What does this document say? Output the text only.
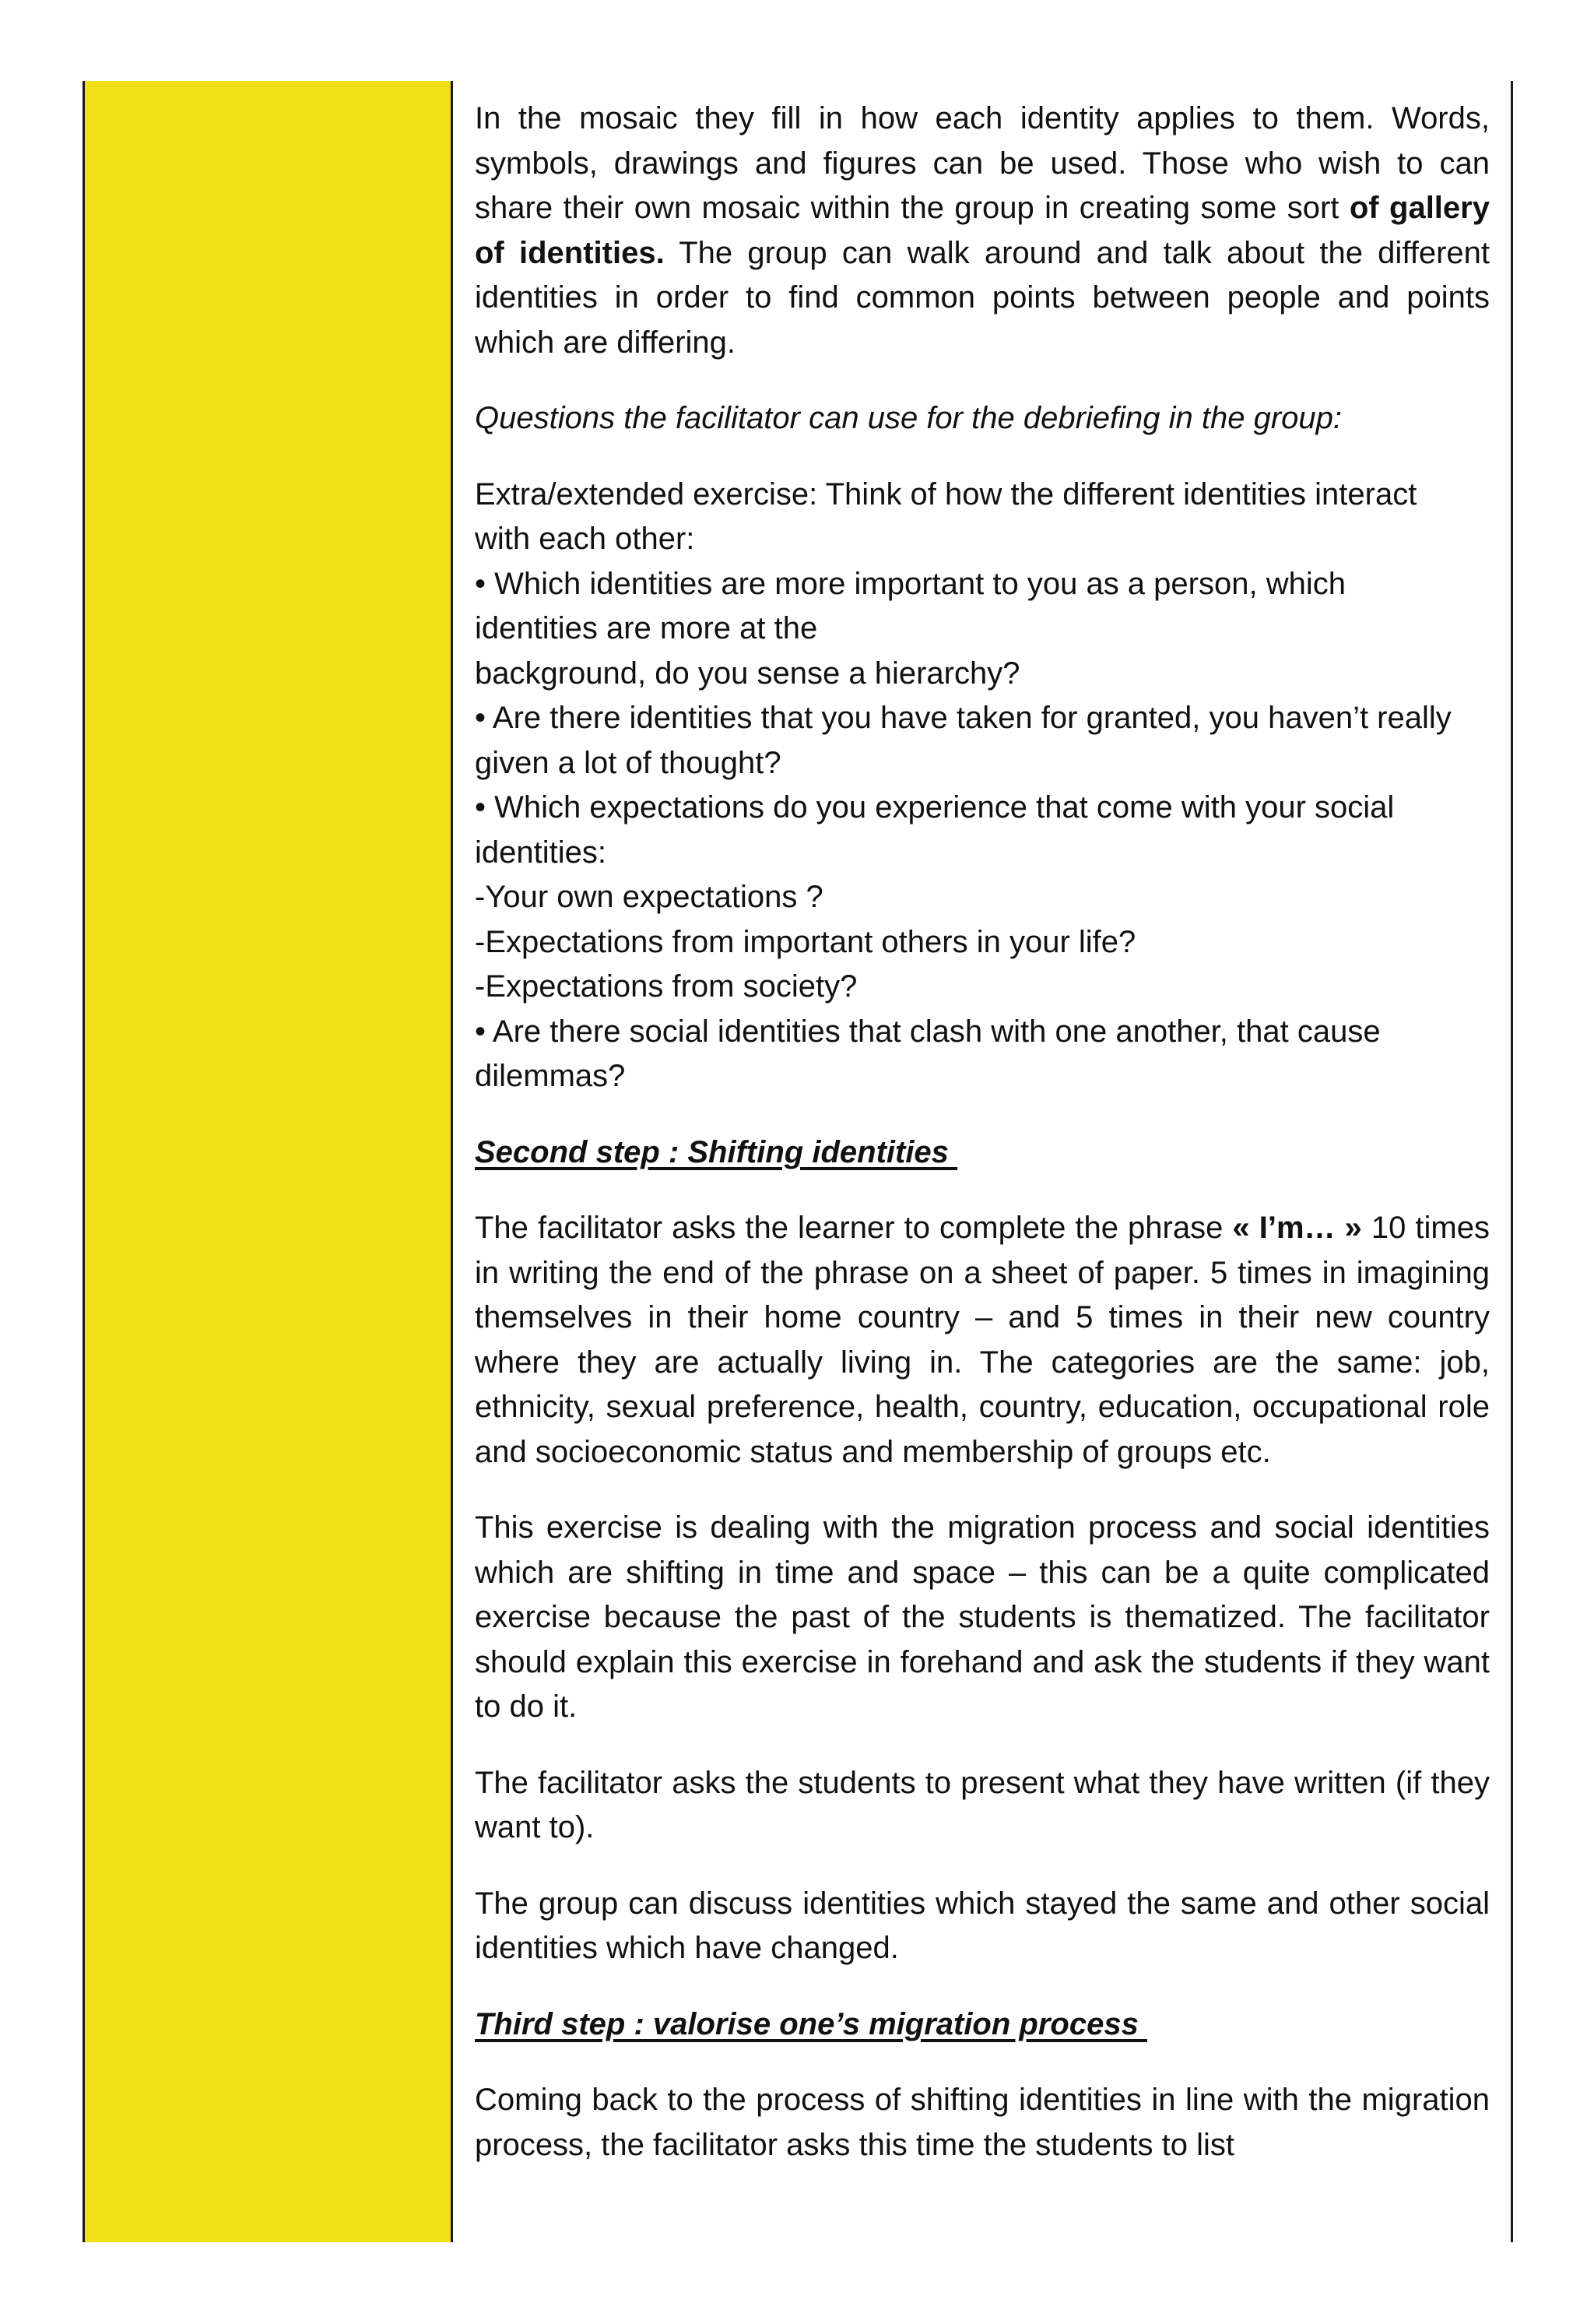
In the mosaic they fill in how each identity applies to them. Words, symbols, drawings and figures can be used. Those who wish to can share their own mosaic within the group in creating some sort of gallery of identities. The group can walk around and talk about the different identities in order to find common points between people and points which are differing.

Questions the facilitator can use for the debriefing in the group:

Extra/extended exercise: Think of how the different identities interact
with each other:
• Which identities are more important to you as a person, which
identities are more at the
background, do you sense a hierarchy?
• Are there identities that you have taken for granted, you haven’t really
given a lot of thought?
• Which expectations do you experience that come with your social
identities:
-Your own expectations ?
-Expectations from important others in your life?
-Expectations from society?
• Are there social identities that clash with one another, that cause
dilemmas?

Second step : Shifting identities

The facilitator asks the learner to complete the phrase « I’m… » 10 times in writing the end of the phrase on a sheet of paper. 5 times in imagining themselves in their home country – and 5 times in their new country where they are actually living in. The categories are the same: job, ethnicity, sexual preference, health, country, education, occupational role and socioeconomic status and membership of groups etc.

This exercise is dealing with the migration process and social identities which are shifting in time and space – this can be a quite complicated exercise because the past of the students is thematized. The facilitator should explain this exercise in forehand and ask the students if they want to do it.

The facilitator asks the students to present what they have written (if they want to).

The group can discuss identities which stayed the same and other social identities which have changed.

Third step : valorise one’s migration process

Coming back to the process of shifting identities in line with the migration process, the facilitator asks this time the students to list
